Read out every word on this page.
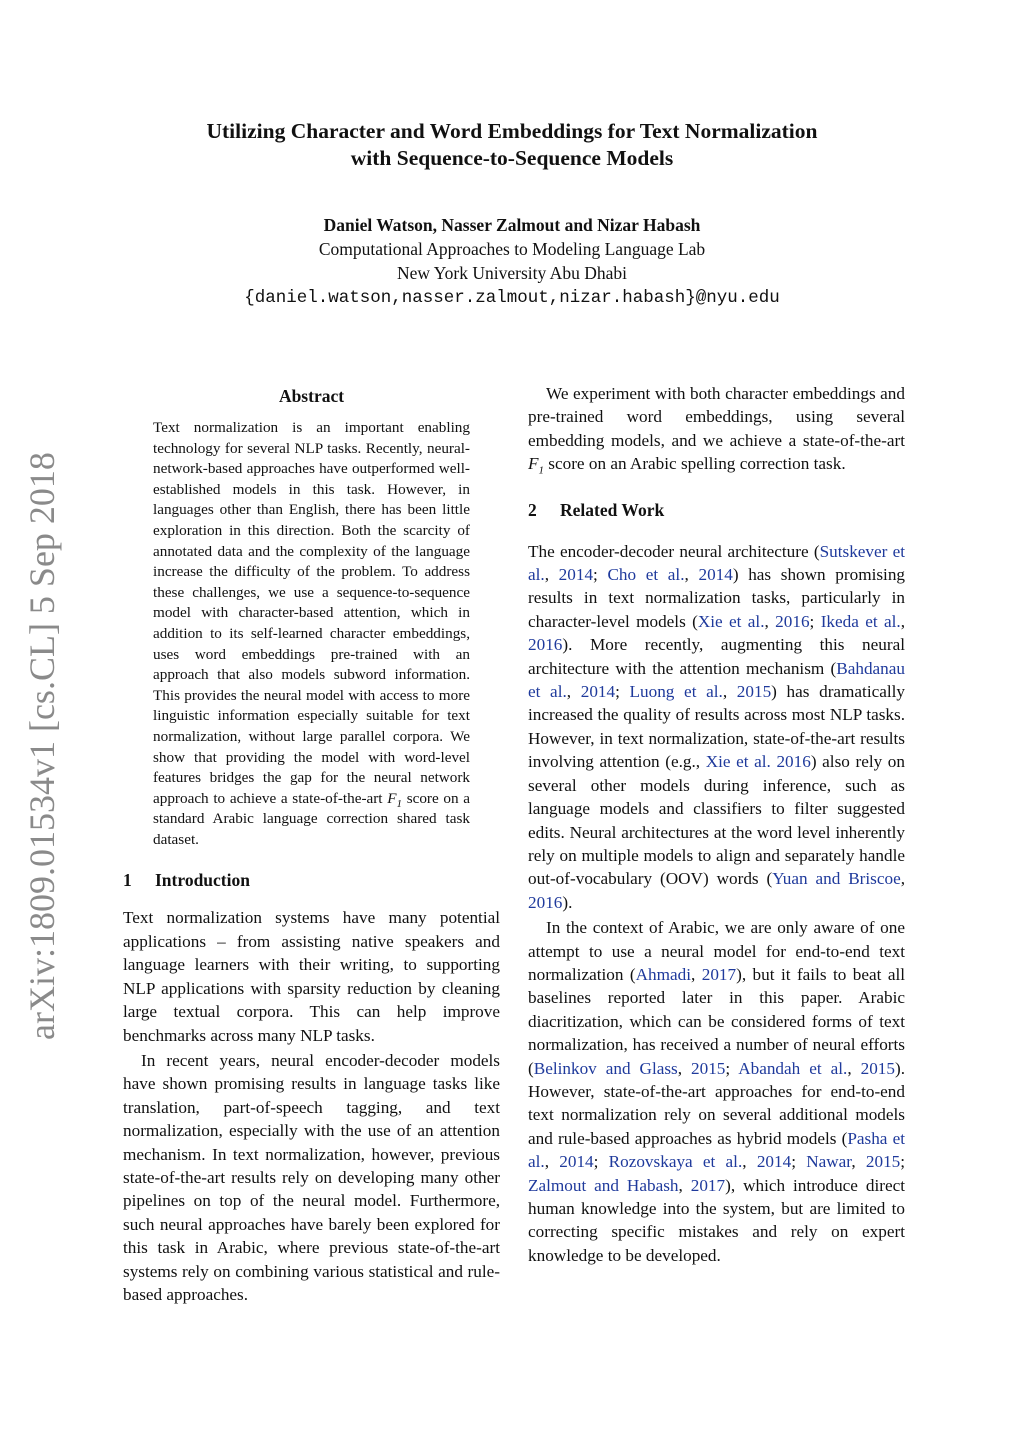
Utilizing Character and Word Embeddings for Text Normalization
with Sequence-to-Sequence Models

Daniel Watson, Nasser Zalmout and Nizar Habash

Computational Approaches to Modeling Language Lab

New York University Abu Dhabi

{daniel.watson,nasser.zalmout,nizar.habash}@nyu.edu

arXiv:1809.01534v1 [cs.CL] 5 Sep 2018

Abstract

Text normalization is an important enabling technology for several NLP tasks. Recently, neural-network-based approaches have outperformed well-established models in this task. However, in languages other than English, there has been little exploration in this direction. Both the scarcity of annotated data and the complexity of the language increase the difficulty of the problem. To address these challenges, we use a sequence-to-sequence model with character-based attention, which in addition to its self-learned character embeddings, uses word embeddings pre-trained with an approach that also models subword information. This provides the neural model with access to more linguistic information especially suitable for text normalization, without large parallel corpora. We show that providing the model with word-level features bridges the gap for the neural network approach to achieve a state-of-the-art $F_1$ score on a standard Arabic language correction shared task dataset.

1 Introduction

Text normalization systems have many potential applications – from assisting native speakers and language learners with their writing, to supporting NLP applications with sparsity reduction by cleaning large textual corpora. This can help improve benchmarks across many NLP tasks.

In recent years, neural encoder-decoder models have shown promising results in language tasks like translation, part-of-speech tagging, and text normalization, especially with the use of an attention mechanism. In text normalization, however, previous state-of-the-art results rely on developing many other pipelines on top of the neural model. Furthermore, such neural approaches have barely been explored for this task in Arabic, where previous state-of-the-art systems rely on combining various statistical and rule-based approaches.

We experiment with both character embeddings and pre-trained word embeddings, using several embedding models, and we achieve a state-of-the-art $F_1$ score on an Arabic spelling correction task.

2 Related Work

The encoder-decoder neural architecture (Sutskever et al., 2014; Cho et al., 2014) has shown promising results in text normalization tasks, particularly in character-level models (Xie et al., 2016; Ikeda et al., 2016). More recently, augmenting this neural architecture with the attention mechanism (Bahdanau et al., 2014; Luong et al., 2015) has dramatically increased the quality of results across most NLP tasks. However, in text normalization, state-of-the-art results involving attention (e.g., Xie et al. 2016) also rely on several other models during inference, such as language models and classifiers to filter suggested edits. Neural architectures at the word level inherently rely on multiple models to align and separately handle out-of-vocabulary (OOV) words (Yuan and Briscoe, 2016).

In the context of Arabic, we are only aware of one attempt to use a neural model for end-to-end text normalization (Ahmadi, 2017), but it fails to beat all baselines reported later in this paper. Arabic diacritization, which can be considered forms of text normalization, has received a number of neural efforts (Belinkov and Glass, 2015; Abandah et al., 2015). However, state-of-the-art approaches for end-to-end text normalization rely on several additional models and rule-based approaches as hybrid models (Pasha et al., 2014; Rozovskaya et al., 2014; Nawar, 2015; Zalmout and Habash, 2017), which introduce direct human knowledge into the system, but are limited to correcting specific mistakes and rely on expert knowledge to be developed.
